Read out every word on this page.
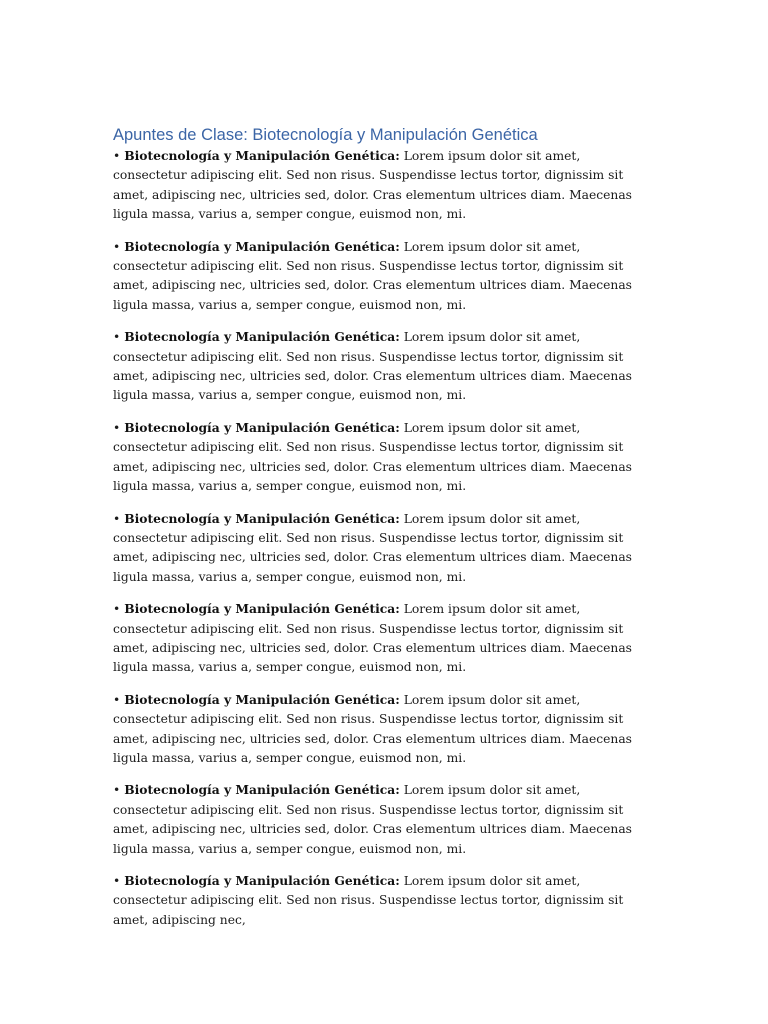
Apuntes de Clase: Biotecnología y Manipulación Genética
• Biotecnología y Manipulación Genética: Lorem ipsum dolor sit amet, consectetur adipiscing elit. Sed non risus. Suspendisse lectus tortor, dignissim sit amet, adipiscing nec, ultricies sed, dolor. Cras elementum ultrices diam. Maecenas ligula massa, varius a, semper congue, euismod non, mi.
• Biotecnología y Manipulación Genética: Lorem ipsum dolor sit amet, consectetur adipiscing elit. Sed non risus. Suspendisse lectus tortor, dignissim sit amet, adipiscing nec, ultricies sed, dolor. Cras elementum ultrices diam. Maecenas ligula massa, varius a, semper congue, euismod non, mi.
• Biotecnología y Manipulación Genética: Lorem ipsum dolor sit amet, consectetur adipiscing elit. Sed non risus. Suspendisse lectus tortor, dignissim sit amet, adipiscing nec, ultricies sed, dolor. Cras elementum ultrices diam. Maecenas ligula massa, varius a, semper congue, euismod non, mi.
• Biotecnología y Manipulación Genética: Lorem ipsum dolor sit amet, consectetur adipiscing elit. Sed non risus. Suspendisse lectus tortor, dignissim sit amet, adipiscing nec, ultricies sed, dolor. Cras elementum ultrices diam. Maecenas ligula massa, varius a, semper congue, euismod non, mi.
• Biotecnología y Manipulación Genética: Lorem ipsum dolor sit amet, consectetur adipiscing elit. Sed non risus. Suspendisse lectus tortor, dignissim sit amet, adipiscing nec, ultricies sed, dolor. Cras elementum ultrices diam. Maecenas ligula massa, varius a, semper congue, euismod non, mi.
• Biotecnología y Manipulación Genética: Lorem ipsum dolor sit amet, consectetur adipiscing elit. Sed non risus. Suspendisse lectus tortor, dignissim sit amet, adipiscing nec, ultricies sed, dolor. Cras elementum ultrices diam. Maecenas ligula massa, varius a, semper congue, euismod non, mi.
• Biotecnología y Manipulación Genética: Lorem ipsum dolor sit amet, consectetur adipiscing elit. Sed non risus. Suspendisse lectus tortor, dignissim sit amet, adipiscing nec, ultricies sed, dolor. Cras elementum ultrices diam. Maecenas ligula massa, varius a, semper congue, euismod non, mi.
• Biotecnología y Manipulación Genética: Lorem ipsum dolor sit amet, consectetur adipiscing elit. Sed non risus. Suspendisse lectus tortor, dignissim sit amet, adipiscing nec, ultricies sed, dolor. Cras elementum ultrices diam. Maecenas ligula massa, varius a, semper congue, euismod non, mi.
• Biotecnología y Manipulación Genética: Lorem ipsum dolor sit amet, consectetur adipiscing elit. Sed non risus. Suspendisse lectus tortor, dignissim sit amet, adipiscing nec,
